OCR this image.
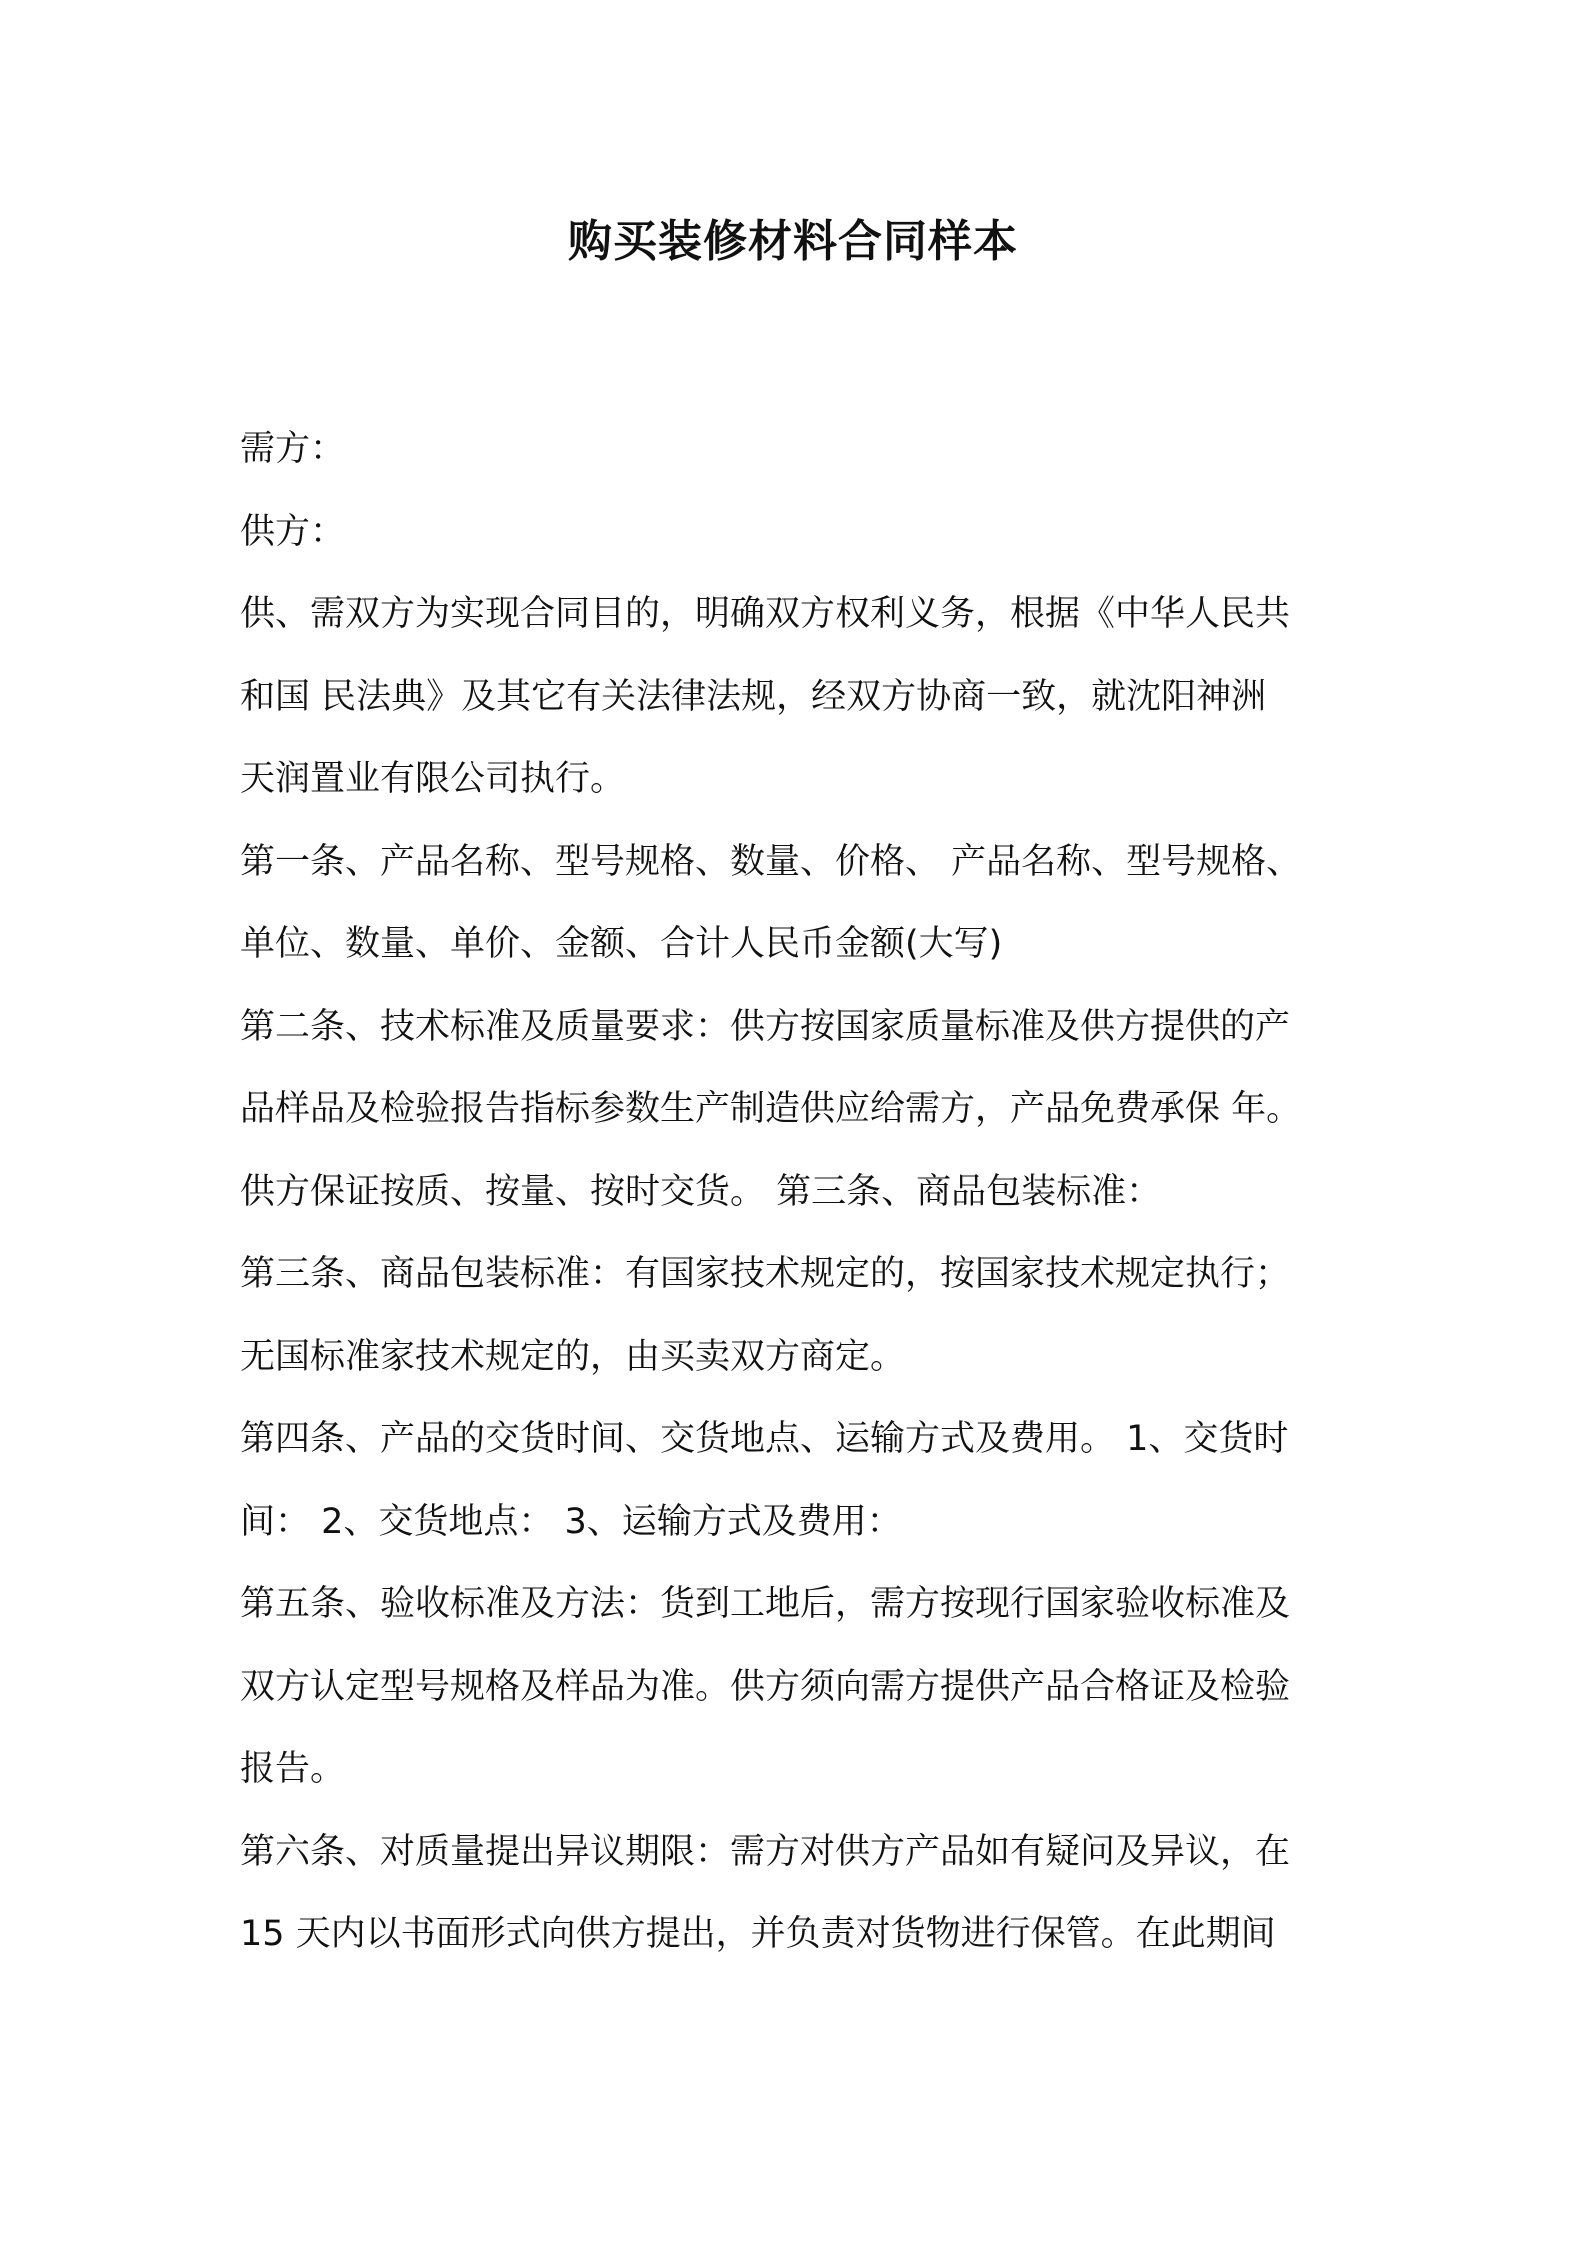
购买装修材料合同样本
需方：
供方：
供、需双方为实现合同目的，明确双方权利义务，根据《中华人民共
和国 民法典》及其它有关法律法规，经双方协商一致，就沈阳神洲
天润置业有限公司执行。
第一条、产品名称、型号规格、数量、价格、 产品名称、型号规格、
单位、数量、单价、金额、合计人民币金额(大写)
第二条、技术标准及质量要求：供方按国家质量标准及供方提供的产
品样品及检验报告指标参数生产制造供应给需方，产品免费承保 年。
供方保证按质、按量、按时交货。 第三条、商品包装标准：
第三条、商品包装标准：有国家技术规定的，按国家技术规定执行；
无国标准家技术规定的，由买卖双方商定。
第四条、产品的交货时间、交货地点、运输方式及费用。 1、交货时
间： 2、交货地点： 3、运输方式及费用：
第五条、验收标准及方法：货到工地后，需方按现行国家验收标准及
双方认定型号规格及样品为准。供方须向需方提供产品合格证及检验
报告。
第六条、对质量提出异议期限：需方对供方产品如有疑问及异议，在
15 天内以书面形式向供方提出，并负责对货物进行保管。在此期间
